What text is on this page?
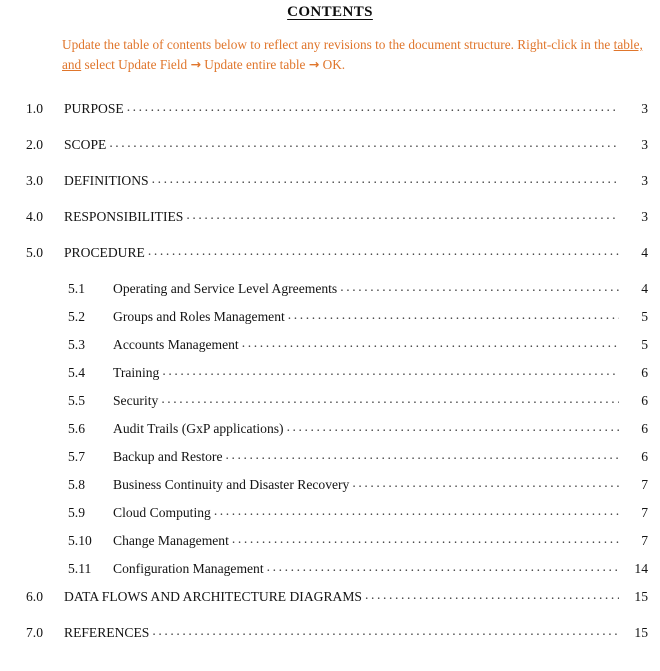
CONTENTS

Update the table of contents below to reflect any revisions to the document structure. Right-click in the table, and select Update Field → Update entire table → OK.

1.0	PURPOSE .....	3
2.0	SCOPE .....	3
3.0	DEFINITIONS .....	3
4.0	RESPONSIBILITIES .....	3
5.0	PROCEDURE .....	4
5.1	Operating and Service Level Agreements .....	4
5.2	Groups and Roles Management .....	5
5.3	Accounts Management .....	5
5.4	Training .....	6
5.5	Security .....	6
5.6	Audit Trails (GxP applications) .....	6
5.7	Backup and Restore .....	6
5.8	Business Continuity and Disaster Recovery .....	7
5.9	Cloud Computing .....	7
5.10	Change Management .....	7
5.11	Configuration Management .....	14
6.0	DATA FLOWS AND ARCHITECTURE DIAGRAMS .....	15
7.0	REFERENCES .....	15
